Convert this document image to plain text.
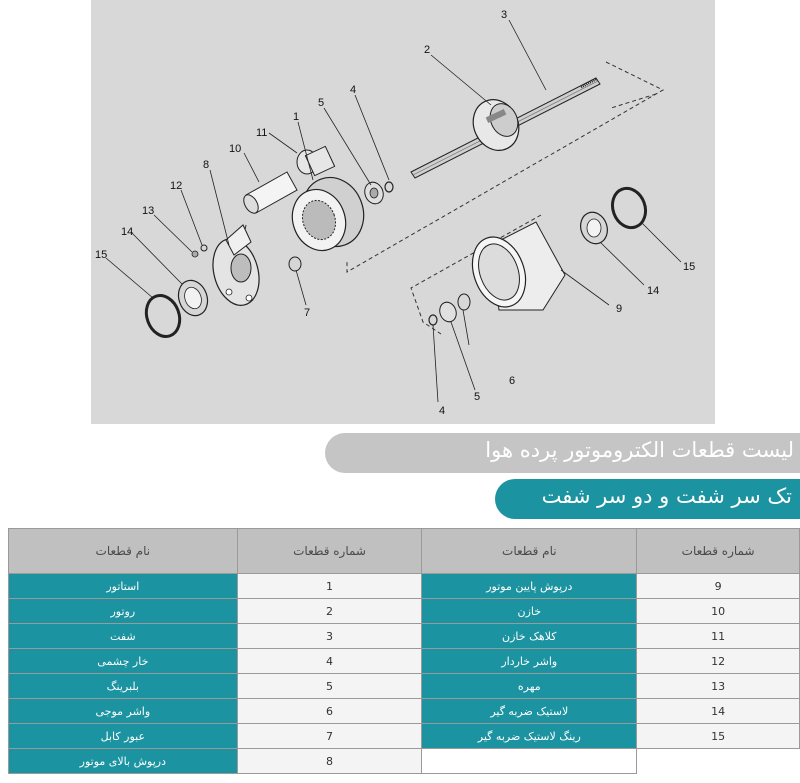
1
2
3
4
5
6
7
8
9
10
11
12
13
14
15
14
15
4
5
لیست قطعات الکتروموتور پرده هوا
تک سر شفت و دو سر شفت
نام قطعات	شماره قطعات	نام قطعات	شماره قطعات
استاتور	1	درپوش پایین موتور	9
روتور	2	خازن	10
شفت	3	کلاهک خازن	11
خار چشمی	4	واشر خاردار	12
بلبرینگ	5	مهره	13
واشر موجی	6	لاستیک ضربه گیر	14
عبور کابل	7	رینگ لاستیک ضربه گیر	15
درپوش بالای موتور	8		
